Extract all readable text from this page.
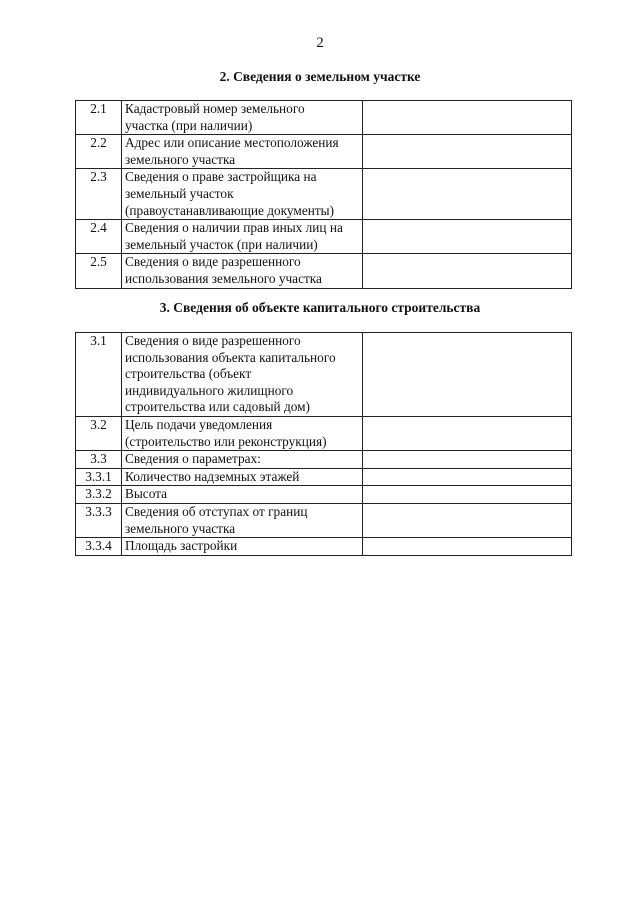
2
2. Сведения о земельном участке
2.1	Кадастровый номер земельного
участка (при наличии)	
2.2	Адрес или описание местоположения
земельного участка	
2.3	Сведения о праве застройщика на
земельный участок
(правоустанавливающие документы)	
2.4	Сведения о наличии прав иных лиц на
земельный участок (при наличии)	
2.5	Сведения о виде разрешенного
использования земельного участка	
3. Сведения об объекте капитального строительства
3.1	Сведения о виде разрешенного
использования объекта капитального
строительства (объект
индивидуального жилищного
строительства или садовый дом)	
3.2	Цель подачи уведомления
(строительство или реконструкция)	
3.3	Сведения о параметрах:	
3.3.1	Количество надземных этажей	
3.3.2	Высота	
3.3.3	Сведения об отступах от границ
земельного участка	
3.3.4	Площадь застройки	
